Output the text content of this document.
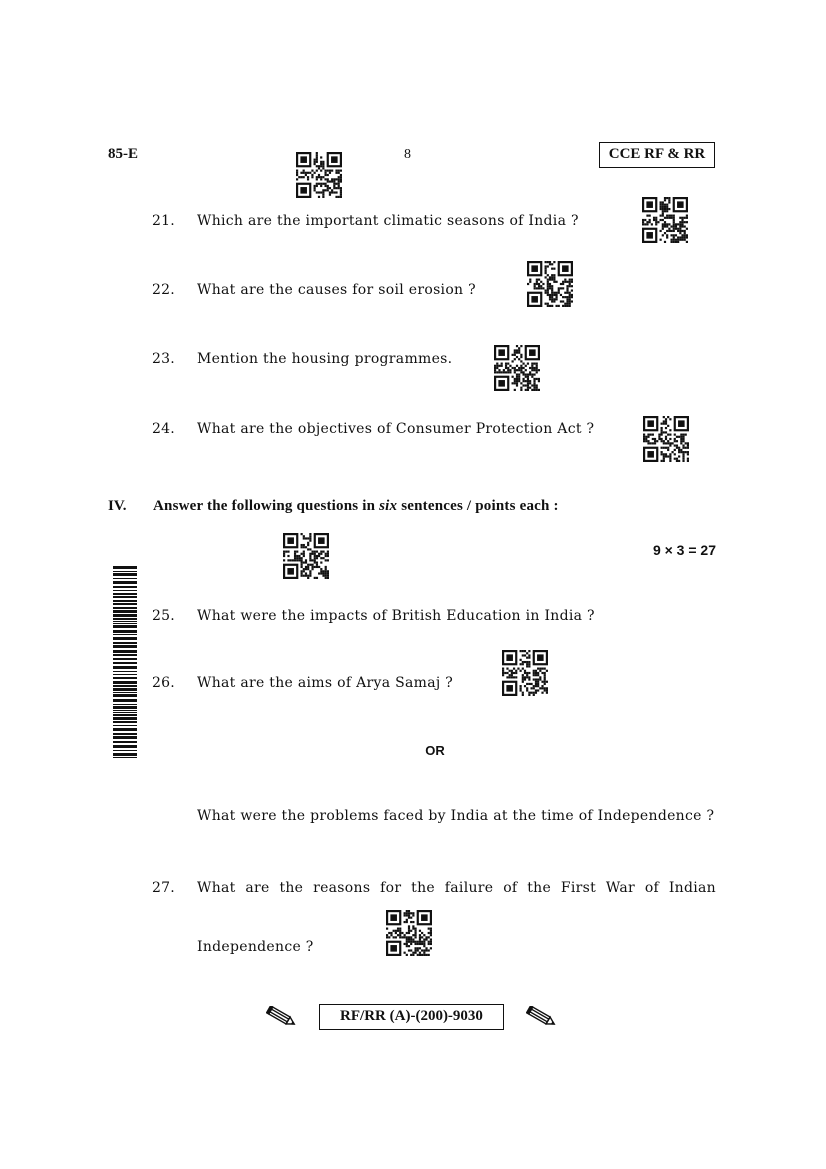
85-E	8	CCE RF & RR
21. Which are the important climatic seasons of India ?
22. What are the causes for soil erosion ?
23. Mention the housing programmes.
24. What are the objectives of Consumer Protection Act ?
IV. Answer the following questions in six sentences / points each :
9 × 3 = 27
25. What were the impacts of British Education in India ?
26. What are the aims of Arya Samaj ?
OR
What were the problems faced by India at the time of Independence ?
27. What are the reasons for the failure of the First War of Indian
Independence ?
RF/RR (A)-(200)-9030
